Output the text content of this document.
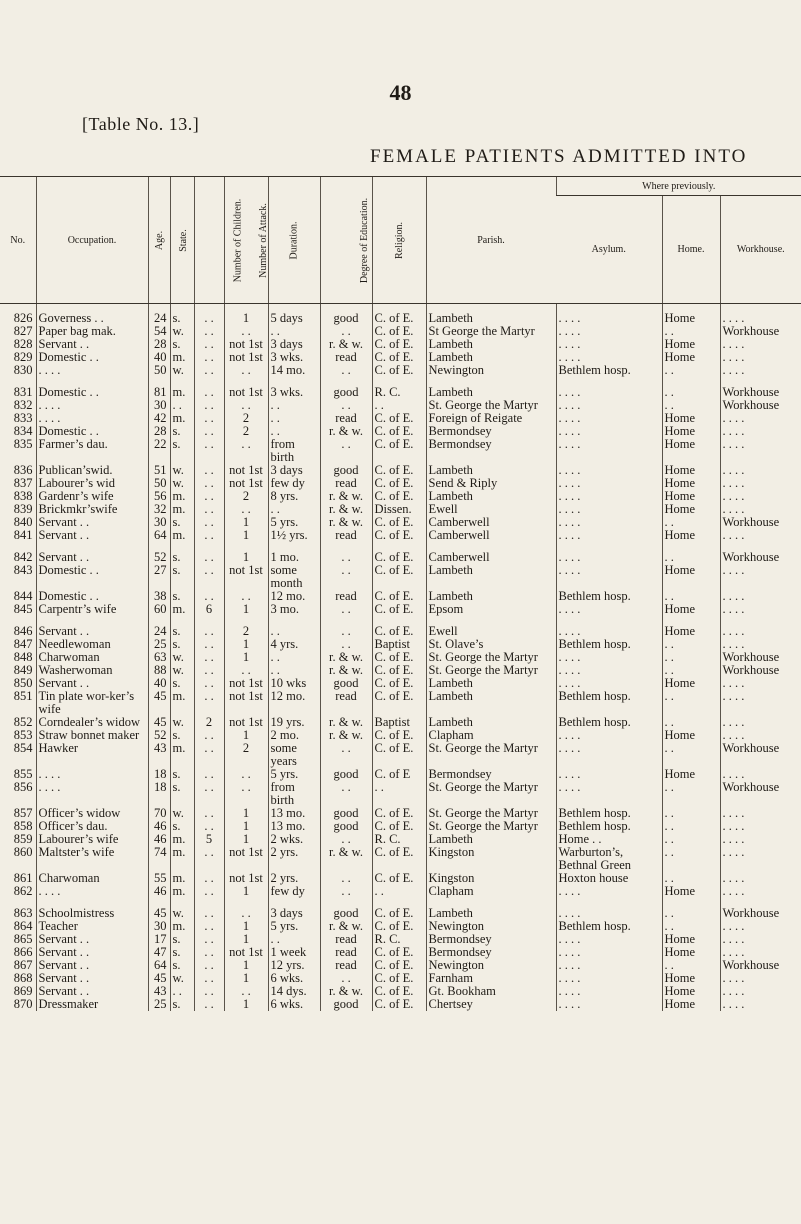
48
[Table No. 13.]
FEMALE PATIENTS ADMITTED INTO
No.	Occupation.	Age.	State.	Number of Children.	Number of Attack.	Duration.	Degree of Education.	Religion.	Parish.	Where previously.		
										Asylum.	Home.	Workhouse.
826	Governess . .	24	s.	. .	1	5 days	good	C. of E.	Lambeth	. . . .	Home	. . . .
827	Paper bag mak.	54	w.	. .	. .	. .	. .	C. of E.	St George the Martyr	. . . .	. .	Workhouse
828	Servant . .	28	s.	. .	not 1st	3 days	r. & w.	C. of E.	Lambeth	. . . .	Home	. . . .
829	Domestic . .	40	m.	. .	not 1st	3 wks.	read	C. of E.	Lambeth	. . . .	Home	. . . .
830	. . . .	50	w.	. .	. .	14 mo.	. .	C. of E.	Newington	Bethlem hosp.	. .	. . . .
831	Domestic . .	81	m.	. .	not 1st	3 wks.	good	R. C.	Lambeth	. . . .	. .	Workhouse
832	. . . .	30	. .	. .	. .	. .	. .	. .	St. George the Martyr	. . . .	. .	Workhouse
833	. . . .	42	m.	. .	2	. .	read	C. of E.	Foreign of Reigate	. . . .	Home	. . . .
834	Domestic . .	28	s.	. .	2	. .	r. & w.	C. of E.	Bermondsey	. . . .	Home	. . . .
835	Farmer’s dau.	22	s.	. .	. .	from birth	. .	C. of E.	Bermondsey	. . . .	Home	. . . .
836	Publican’swid.	51	w.	. .	not 1st	3 days	good	C. of E.	Lambeth	. . . .	Home	. . . .
837	Labourer’s wid	50	w.	. .	not 1st	few dy	read	C. of E.	Send & Riply	. . . .	Home	. . . .
838	Gardenr’s wife	56	m.	. .	2	8 yrs.	r. & w.	C. of E.	Lambeth	. . . .	Home	. . . .
839	Brickmkr’swife	32	m.	. .	. .	. .	r. & w.	Dissen.	Ewell	. . . .	Home	. . . .
840	Servant . .	30	s.	. .	1	5 yrs.	r. & w.	C. of E.	Camberwell	. . . .	. .	Workhouse
841	Servant . .	64	m.	. .	1	1½ yrs.	read	C. of E.	Camberwell	. . . .	Home	. . . .
842	Servant . .	52	s.	. .	1	1 mo.	. .	C. of E.	Camberwell	. . . .	. .	Workhouse
843	Domestic . .	27	s.	. .	not 1st	some month	. .	C. of E.	Lambeth	. . . .	Home	. . . .
844	Domestic . .	38	s.	. .	. .	12 mo.	read	C. of E.	Lambeth	Bethlem hosp.	. .	. . . .
845	Carpentr’s wife	60	m.	6	1	3 mo.	. .	C. of E.	Epsom	. . . .	Home	. . . .
846	Servant . .	24	s.	. .	2	. .	. .	C. of E.	Ewell	. . . .	Home	. . . .
847	Needlewoman	25	s.	. .	1	4 yrs.	. .	Baptist	St. Olave’s	Bethlem hosp.	. .	. . . .
848	Charwoman	63	w.	. .	1	. .	r. & w.	C. of E.	St. George the Martyr	. . . .	. .	Workhouse
849	Washerwoman	88	w.	. .	. .	. .	r. & w.	C. of E.	St. George the Martyr	. . . .	. .	Workhouse
850	Servant . .	40	s.	. .	not 1st	10 wks	good	C. of E.	Lambeth	. . . .	Home	. . . .
851	Tin plate wor-ker’s wife	45	m.	. .	not 1st	12 mo.	read	C. of E.	Lambeth	Bethlem hosp.	. .	. . . .
852	Corndealer’s widow	45	w.	2	not 1st	19 yrs.	r. & w.	Baptist	Lambeth	Bethlem hosp.	. .	. . . .
853	Straw bonnet maker	52	s.	. .	1	2 mo.	r. & w.	C. of E.	Clapham	. . . .	Home	. . . .
854	Hawker	43	m.	. .	2	some years	. .	C. of E.	St. George the Martyr	. . . .	. .	Workhouse
855	. . . .	18	s.	. .	. .	5 yrs.	good	C. of E	Bermondsey	. . . .	Home	. . . .
856	. . . .	18	s.	. .	. .	from birth	. .	. .	St. George the Martyr	. . . .	. .	Workhouse
857	Officer’s widow	70	w.	. .	1	13 mo.	good	C. of E.	St. George the Martyr	Bethlem hosp.	. .	. . . .
858	Officer’s dau.	46	s.	. .	1	13 mo.	good	C. of E.	St. George the Martyr	Bethlem hosp.	. .	. . . .
859	Labourer’s wife	46	m.	5	1	2 wks.	. .	R. C.	Lambeth	Home . .	. .	. . . .
860	Maltster’s wife	74	m.	. .	not 1st	2 yrs.	r. & w.	C. of E.	Kingston	Warburton’s, Bethnal Green	. .	. . . .
861	Charwoman	55	m.	. .	not 1st	2 yrs.	. .	C. of E.	Kingston	Hoxton house	. .	. . . .
862	. . . .	46	m.	. .	1	few dy	. .	. .	Clapham	. . . .	Home	. . . .
863	Schoolmistress	45	w.	. .	. .	3 days	good	C. of E.	Lambeth	. . . .	. .	Workhouse
864	Teacher	30	m.	. .	1	5 yrs.	r. & w.	C. of E.	Newington	Bethlem hosp.	. .	. . . .
865	Servant . .	17	s.	. .	1	. .	read	R. C.	Bermondsey	. . . .	Home	. . . .
866	Servant . .	47	s.	. .	not 1st	1 week	read	C. of E.	Bermondsey	. . . .	Home	. . . .
867	Servant . .	64	s.	. .	1	12 yrs.	read	C. of E.	Newington	. . . .	. .	Workhouse
868	Servant . .	45	w.	. .	1	6 wks.	. .	C. of E.	Farnham	. . . .	Home	. . . .
869	Servant . .	43	. .	. .	. .	14 dys.	r. & w.	C. of E.	Gt. Bookham	. . . .	Home	. . . .
870	Dressmaker	25	s.	. .	1	6 wks.	good	C. of E.	Chertsey	. . . .	Home	. . . .
